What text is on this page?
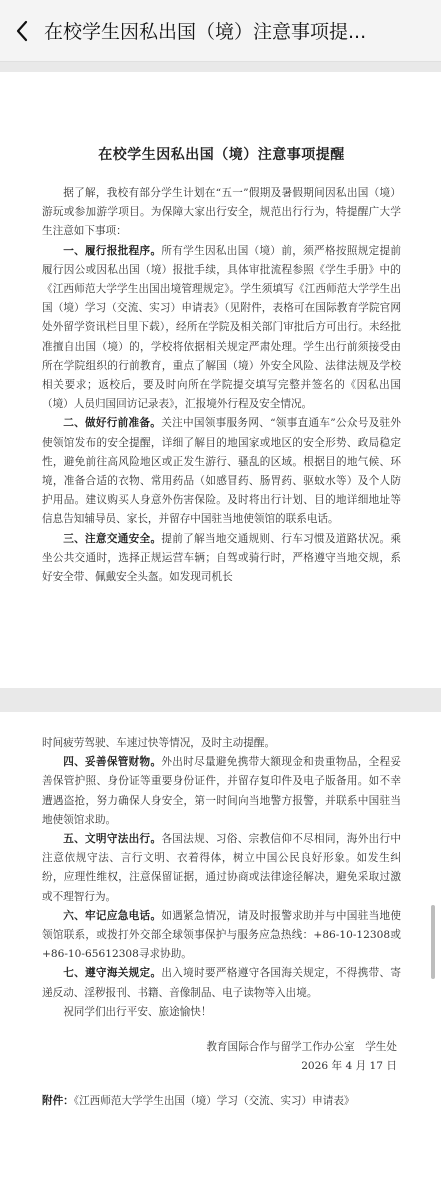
在校学生因私出国（境）注意事项提...
在校学生因私出国（境）注意事项提醒

据了解，我校有部分学生计划在“五一”假期及暑假期间因私出国（境）游玩或参加游学项目。为保障大家出行安全，规范出行行为，特提醒广大学生注意如下事项：

一、履行报批程序。所有学生因私出国（境）前，须严格按照规定提前履行因公或因私出国（境）报批手续，具体审批流程参照《学生手册》中的《江西师范大学学生出国出境管理规定》。学生须填写《江西师范大学学生出国（境）学习（交流、实习）申请表》（见附件，表格可在国际教育学院官网处外留学资讯栏目里下载），经所在学院及相关部门审批后方可出行。未经批准擅自出国（境）的，学校将依据相关规定严肃处理。学生出行前须接受由所在学院组织的行前教育，重点了解国（境）外安全风险、法律法规及学校相关要求；返校后，要及时向所在学院提交填写完整并签名的《因私出国（境）人员归国回访记录表》，汇报境外行程及安全情况。

二、做好行前准备。关注中国领事服务网、“领事直通车”公众号及驻外使领馆发布的安全提醒，详细了解目的地国家或地区的安全形势、政局稳定性，避免前往高风险地区或正发生游行、骚乱的区域。根据目的地气候、环境，准备合适的衣物、常用药品（如感冒药、肠胃药、驱蚊水等）及个人防护用品。建议购买人身意外伤害保险。及时将出行计划、目的地详细地址等信息告知辅导员、家长，并留存中国驻当地使领馆的联系电话。

三、注意交通安全。提前了解当地交通规则、行车习惯及道路状况。乘坐公共交通时，选择正规运营车辆；自驾或骑行时，严格遵守当地交规，系好安全带、佩戴安全头盔。如发现司机长

时间疲劳驾驶、车速过快等情况，及时主动提醒。

四、妥善保管财物。外出时尽量避免携带大额现金和贵重物品，全程妥善保管护照、身份证等重要身份证件，并留存复印件及电子版备用。如不幸遭遇盗抢，努力确保人身安全，第一时间向当地警方报警，并联系中国驻当地使领馆求助。

五、文明守法出行。各国法规、习俗、宗教信仰不尽相同，海外出行中注意依规守法、言行文明、衣着得体，树立中国公民良好形象。如发生纠纷，应理性维权，注意保留证据，通过协商或法律途径解决，避免采取过激或不理智行为。

六、牢记应急电话。如遇紧急情况，请及时报警求助并与中国驻当地使领馆联系，或拨打外交部全球领事保护与服务应急热线：+86-10-12308或+86-10-65612308寻求协助。

七、遵守海关规定。出入境时要严格遵守各国海关规定，不得携带、寄递反动、淫秽报刊、书籍、音像制品、电子读物等入出境。

祝同学们出行平安、旅途愉快！

教育国际合作与留学工作办公室　学生处

2026 年 4 月 17 日

附件：《江西师范大学学生出国（境）学习（交流、实习）申请表》
